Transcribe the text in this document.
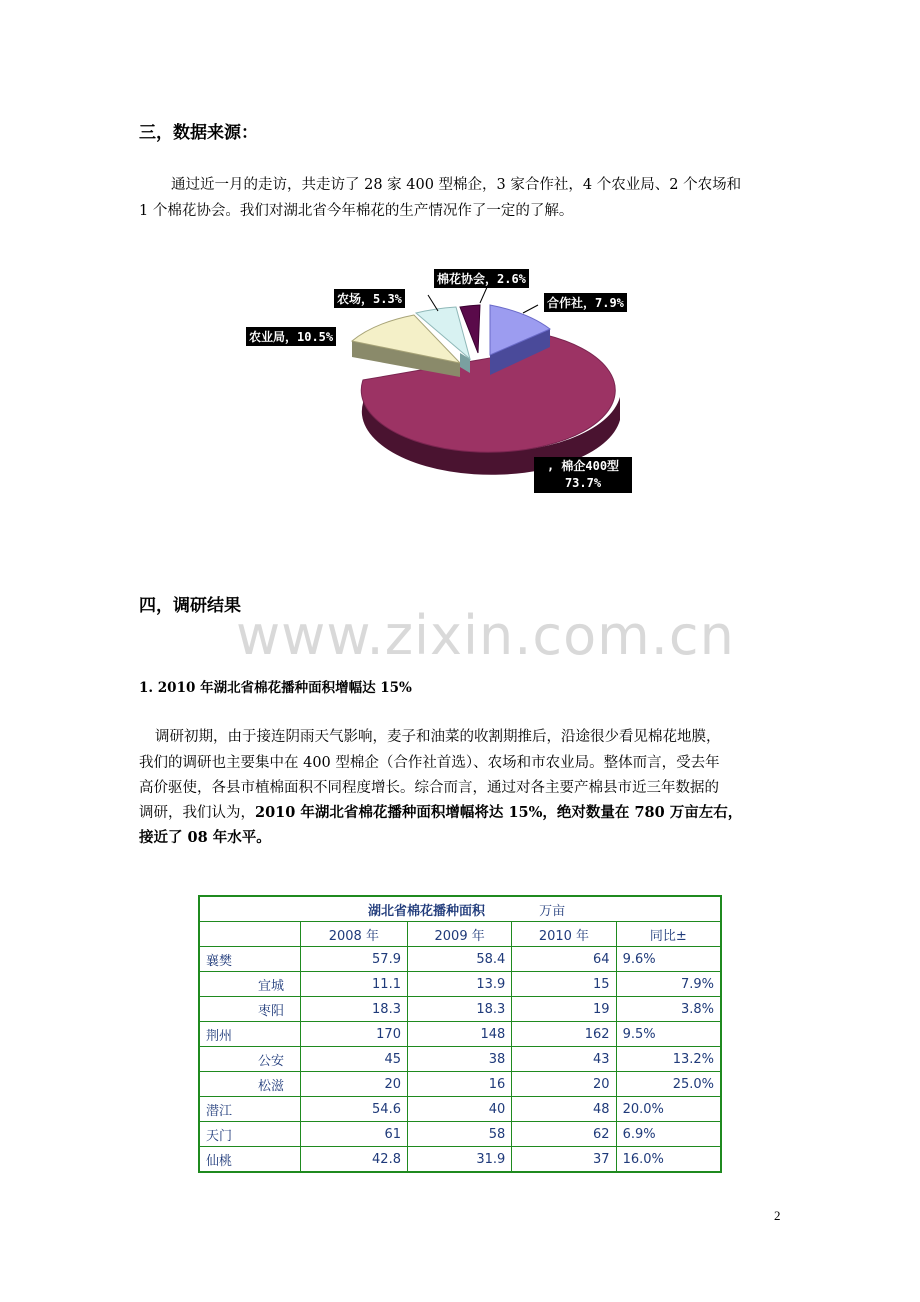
三，数据来源：
通过近一月的走访，共走访了 28 家 400 型棉企，3 家合作社，4 个农业局、2 个农场和
1 个棉花协会。我们对湖北省今年棉花的生产情况作了一定的了解。
棉花协会，2.6%
合作社，7.9%
农场，5.3%
农业局，10.5%
, 棉企400型
73.7%
四，调研结果
www.zixin.com.cn
1. 2010 年湖北省棉花播种面积增幅达 15%
调研初期，由于接连阴雨天气影响，麦子和油菜的收割期推后，沿途很少看见棉花地膜，
我们的调研也主要集中在 400 型棉企（合作社首选）、农场和市农业局。整体而言，受去年
高价驱使，各县市植棉面积不同程度增长。综合而言，通过对各主要产棉县市近三年数据的
调研，我们认为，2010 年湖北省棉花播种面积增幅将达 15%，绝对数量在 780 万亩左右，
接近了 08 年水平。
湖北省棉花播种面积 万亩				
	2008 年	2009 年	2010 年	同比±
襄樊	57.9	58.4	64	9.6%
宜城	11.1	13.9	15	7.9%
枣阳	18.3	18.3	19	3.8%
荆州	170	148	162	9.5%
公安	45	38	43	13.2%
松滋	20	16	20	25.0%
潜江	54.6	40	48	20.0%
天门	61	58	62	6.9%
仙桃	42.8	31.9	37	16.0%
2
